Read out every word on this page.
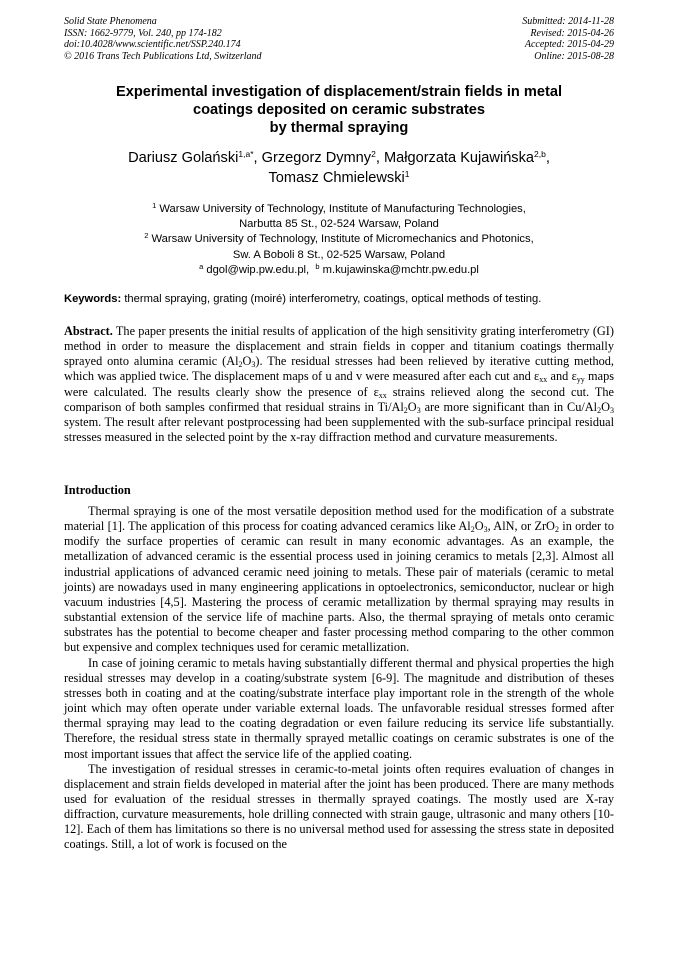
Solid State Phenomena
ISSN: 1662-9779, Vol. 240, pp 174-182
doi:10.4028/www.scientific.net/SSP.240.174
© 2016 Trans Tech Publications Ltd, Switzerland
Submitted: 2014-11-28
Revised: 2015-04-26
Accepted: 2015-04-29
Online: 2015-08-28
Experimental investigation of displacement/strain fields in metal
coatings deposited on ceramic substrates
by thermal spraying
Dariusz Golański$^{1,a*}$, Grzegorz Dymny$^2$, Małgorzata Kujawińska$^{2,b}$,
Tomasz Chmielewski$^1$
$^1$ Warsaw University of Technology, Institute of Manufacturing Technologies,
Narbutta 85 St., 02-524 Warsaw, Poland
$^2$ Warsaw University of Technology, Institute of Micromechanics and Photonics,
Sw. A Boboli 8 St., 02-525 Warsaw, Poland
$^a$ dgol@wip.pw.edu.pl, $^b$ m.kujawinska@mchtr.pw.edu.pl
Keywords: thermal spraying, grating (moiré) interferometry, coatings, optical methods of testing.

Abstract. The paper presents the initial results of application of the high sensitivity grating interferometry (GI) method in order to measure the displacement and strain fields in copper and titanium coatings thermally sprayed onto alumina ceramic $(Al_2O_3)$. The residual stresses had been relieved by iterative cutting method, which was applied twice. The displacement maps of u and v were measured after each cut and $\varepsilon_{xx}$ and $\varepsilon_{yy}$ maps were calculated. The results clearly show the presence of $\varepsilon_{xx}$ strains relieved along the second cut. The comparison of both samples confirmed that residual strains in $Ti/Al_2O_3$ are more significant than in $Cu/Al_2O_3$ system. The result after relevant postprocessing had been supplemented with the sub-surface principal residual stresses measured in the selected point by the x-ray diffraction method and curvature measurements.

Introduction

Thermal spraying is one of the most versatile deposition method used for the modification of a substrate material [1]. The application of this process for coating advanced ceramics like $Al_2O_3$, AlN, or ZrO$_2$ in order to modify the surface properties of ceramic can result in many economic advantages. As an example, the metallization of advanced ceramic is the essential process used in joining ceramics to metals [2,3]. Almost all industrial applications of advanced ceramic need joining to metals. These pair of materials (ceramic to metal joints) are nowadays used in many engineering applications in optoelectronics, semiconductor, nuclear or high vacuum industries [4,5]. Mastering the process of ceramic metallization by thermal spraying may results in substantial extension of the service life of machine parts. Also, the thermal spraying of metals onto ceramic substrates has the potential to become cheaper and faster processing method comparing to the other common but expensive and complex techniques used for ceramic metallization.

In case of joining ceramic to metals having substantially different thermal and physical properties the high residual stresses may develop in a coating/substrate system [6-9]. The magnitude and distribution of theses stresses both in coating and at the coating/substrate interface play important role in the strength of the whole joint which may often operate under variable external loads. The unfavorable residual stresses formed after thermal spraying may lead to the coating degradation or even failure reducing its service life substantially. Therefore, the residual stress state in thermally sprayed metallic coatings on ceramic substrates is one of the most important issues that affect the service life of the applied coating.

The investigation of residual stresses in ceramic-to-metal joints often requires evaluation of changes in displacement and strain fields developed in material after the joint has been produced. There are many methods used for evaluation of the residual stresses in thermally sprayed coatings. The mostly used are X-ray diffraction, curvature measurements, hole drilling connected with strain gauge, ultrasonic and many others [10-12]. Each of them has limitations so there is no universal method used for assessing the stress state in deposited coatings. Still, a lot of work is focused on the
